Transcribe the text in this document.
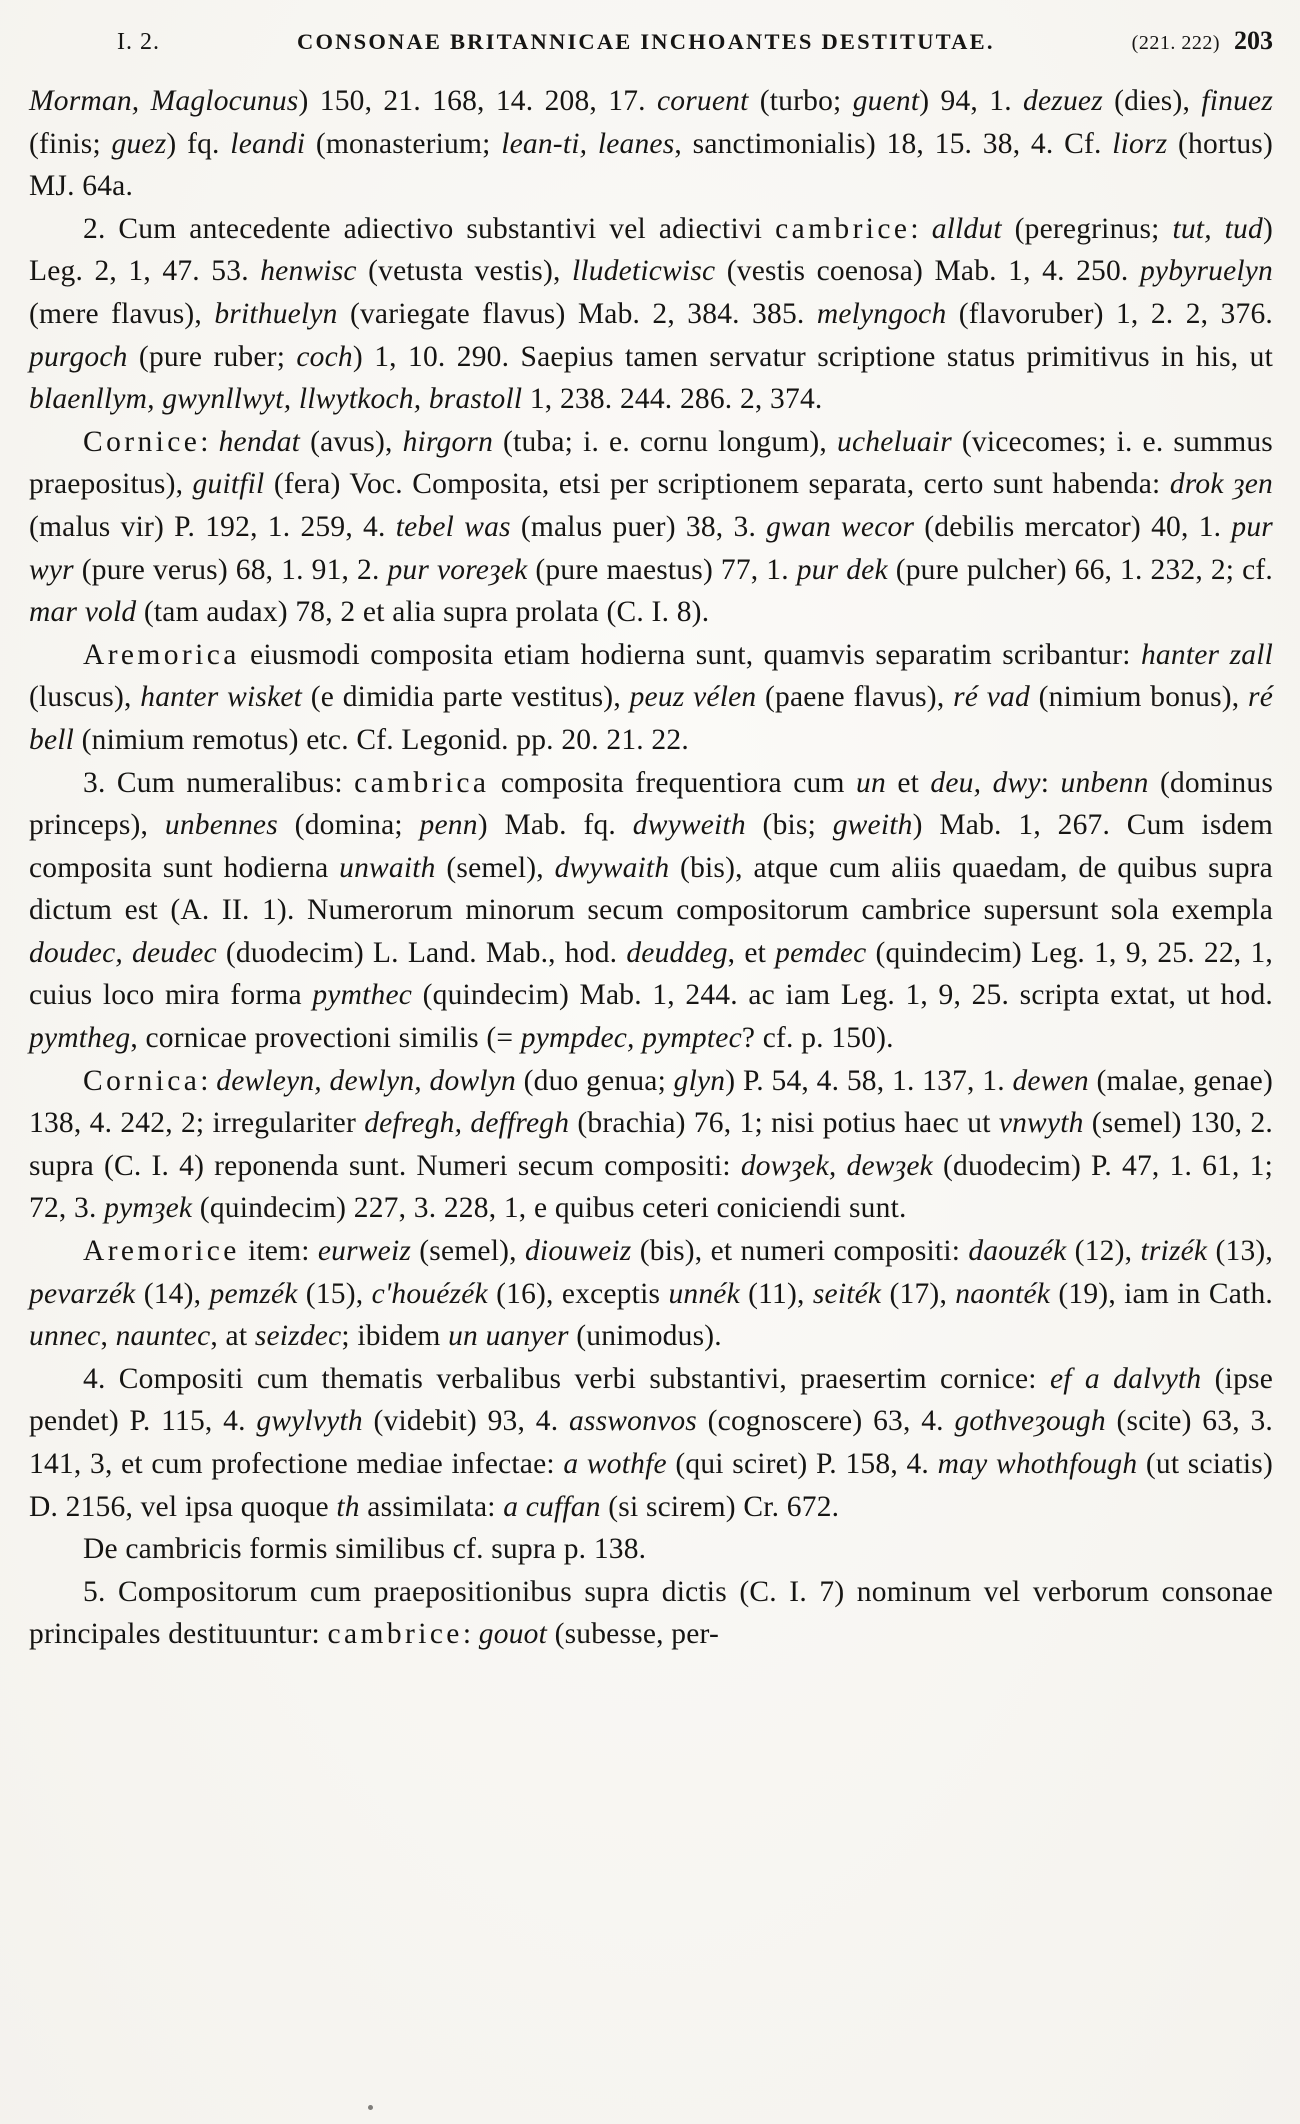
I. 2.	CONSONAE BRITANNICAE INCHOANTES DESTITUTAE.	(221. 222) 203

Morman, Maglocunus) 150, 21. 168, 14. 208, 17. coruent (turbo; guent) 94, 1. dezuez (dies), finuez (finis; guez) fq. leandi (monasterium; lean-ti, leanes, sanctimonialis) 18, 15. 38, 4. Cf. liorz (hortus) MJ. 64a.

2. Cum antecedente adiectivo substantivi vel adiectivi cambrice: alldut (peregrinus; tut, tud) Leg. 2, 1, 47. 53. henwisc (vetusta vestis), lludeticwisc (vestis coenosa) Mab. 1, 4. 250. pybyruelyn (mere flavus), brithuelyn (variegate flavus) Mab. 2, 384. 385. melyngoch (flavoruber) 1, 2. 2, 376. purgoch (pure ruber; coch) 1, 10. 290. Saepius tamen servatur scriptione status primitivus in his, ut blaenllym, gwynllwyt, llwytkoch, brastoll 1, 238. 244. 286. 2, 374.

Cornice: hendat (avus), hirgorn (tuba; i. e. cornu longum), ucheluair (vicecomes; i. e. summus praepositus), guitfil (fera) Voc. Composita, etsi per scriptionem separata, certo sunt habenda: drok ȝen (malus vir) P. 192, 1. 259, 4. tebel was (malus puer) 38, 3. gwan wecor (debilis mercator) 40, 1. pur wyr (pure verus) 68, 1. 91, 2. pur voreȝek (pure maestus) 77, 1. pur dek (pure pulcher) 66, 1. 232, 2; cf. mar vold (tam audax) 78, 2 et alia supra prolata (C. I. 8).

Aremorica eiusmodi composita etiam hodierna sunt, quamvis separatim scribantur: hanter zall (luscus), hanter wisket (e dimidia parte vestitus), peuz vélen (paene flavus), ré vad (nimium bonus), ré bell (nimium remotus) etc. Cf. Legonid. pp. 20. 21. 22.

3. Cum numeralibus: cambrica composita frequentiora cum un et deu, dwy: unbenn (dominus princeps), unbennes (domina; penn) Mab. fq. dwyweith (bis; gweith) Mab. 1, 267. Cum isdem composita sunt hodierna unwaith (semel), dwywaith (bis), atque cum aliis quaedam, de quibus supra dictum est (A. II. 1). Numerorum minorum secum compositorum cambrice supersunt sola exempla doudec, deudec (duodecim) L. Land. Mab., hod. deuddeg, et pemdec (quindecim) Leg. 1, 9, 25. 22, 1, cuius loco mira forma pymthec (quindecim) Mab. 1, 244. ac iam Leg. 1, 9, 25. scripta extat, ut hod. pymtheg, cornicae provectioni similis (= pympdec, pymptec? cf. p. 150).

Cornica: dewleyn, dewlyn, dowlyn (duo genua; glyn) P. 54, 4. 58, 1. 137, 1. dewen (malae, genae) 138, 4. 242, 2; irregulariter defregh, deffregh (brachia) 76, 1; nisi potius haec ut vnwyth (semel) 130, 2. supra (C. I. 4) reponenda sunt. Numeri secum compositi: dowȝek, dewȝek (duodecim) P. 47, 1. 61, 1; 72, 3. pymȝek (quindecim) 227, 3. 228, 1, e quibus ceteri coniciendi sunt.

Aremorice item: eurweiz (semel), diouweiz (bis), et numeri compositi: daouzék (12), trizék (13), pevarzék (14), pemzék (15), c'houézék (16), exceptis unnék (11), seiték (17), naonték (19), iam in Cath. unnec, nauntec, at seizdec; ibidem un uanyer (unimodus).

4. Compositi cum thematis verbalibus verbi substantivi, praesertim cornice: ef a dalvyth (ipse pendet) P. 115, 4. gwylvyth (videbit) 93, 4. asswonvos (cognoscere) 63, 4. gothveȝough (scite) 63, 3. 141, 3, et cum profectione mediae infectae: a wothfe (qui sciret) P. 158, 4. may whothfough (ut sciatis) D. 2156, vel ipsa quoque th assimilata: a cuffan (si scirem) Cr. 672.

De cambricis formis similibus cf. supra p. 138.

5. Compositorum cum praepositionibus supra dictis (C. I. 7) nominum vel verborum consonae principales destituuntur: cambrice: gouot (subesse, per-
